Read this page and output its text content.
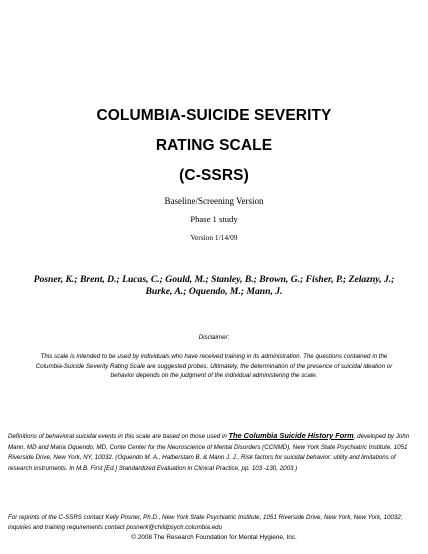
COLUMBIA-SUICIDE SEVERITY
RATING SCALE
(C-SSRS)
Baseline/Screening Version
Phase 1 study
Version 1/14/09
Posner, K.; Brent, D.; Lucas, C.; Gould, M.; Stanley, B.; Brown, G.; Fisher, P.; Zelazny, J.;
Burke, A.; Oquendo, M.; Mann, J.
Disclaimer:
This scale is intended to be used by individuals who have received training in its administration. The questions contained in the Columbia-Suicide Severity Rating Scale are suggested probes. Ultimately, the determination of the presence of suicidal ideation or behavior depends on the judgment of the individual administering the scale.
Definitions of behavioral suicidal events in this scale are based on those used in The Columbia Suicide History Form, developed by John Mann, MD and Maria Oquendo, MD, Conte Center for the Neuroscience of Mental Disorders (CCNMD), New York State Psychiatric Institute, 1051 Riverside Drive, New York, NY, 10032. (Oquendo M. A., Halberstam B. & Mann J. J., Risk factors for suicidal behavior: utility and limitations of research instruments. In M.B. First [Ed.] Standardized Evaluation in Clinical Practice, pp. 103 -130, 2003.)
For reprints of the C-SSRS contact Kelly Posner, Ph.D., New York State Psychiatric Institute, 1051 Riverside Drive, New York, New York, 10032; inquiries and training requirements contact posnerk@childpsych.columbia.edu
© 2008 The Research Foundation for Mental Hygiene, Inc.
